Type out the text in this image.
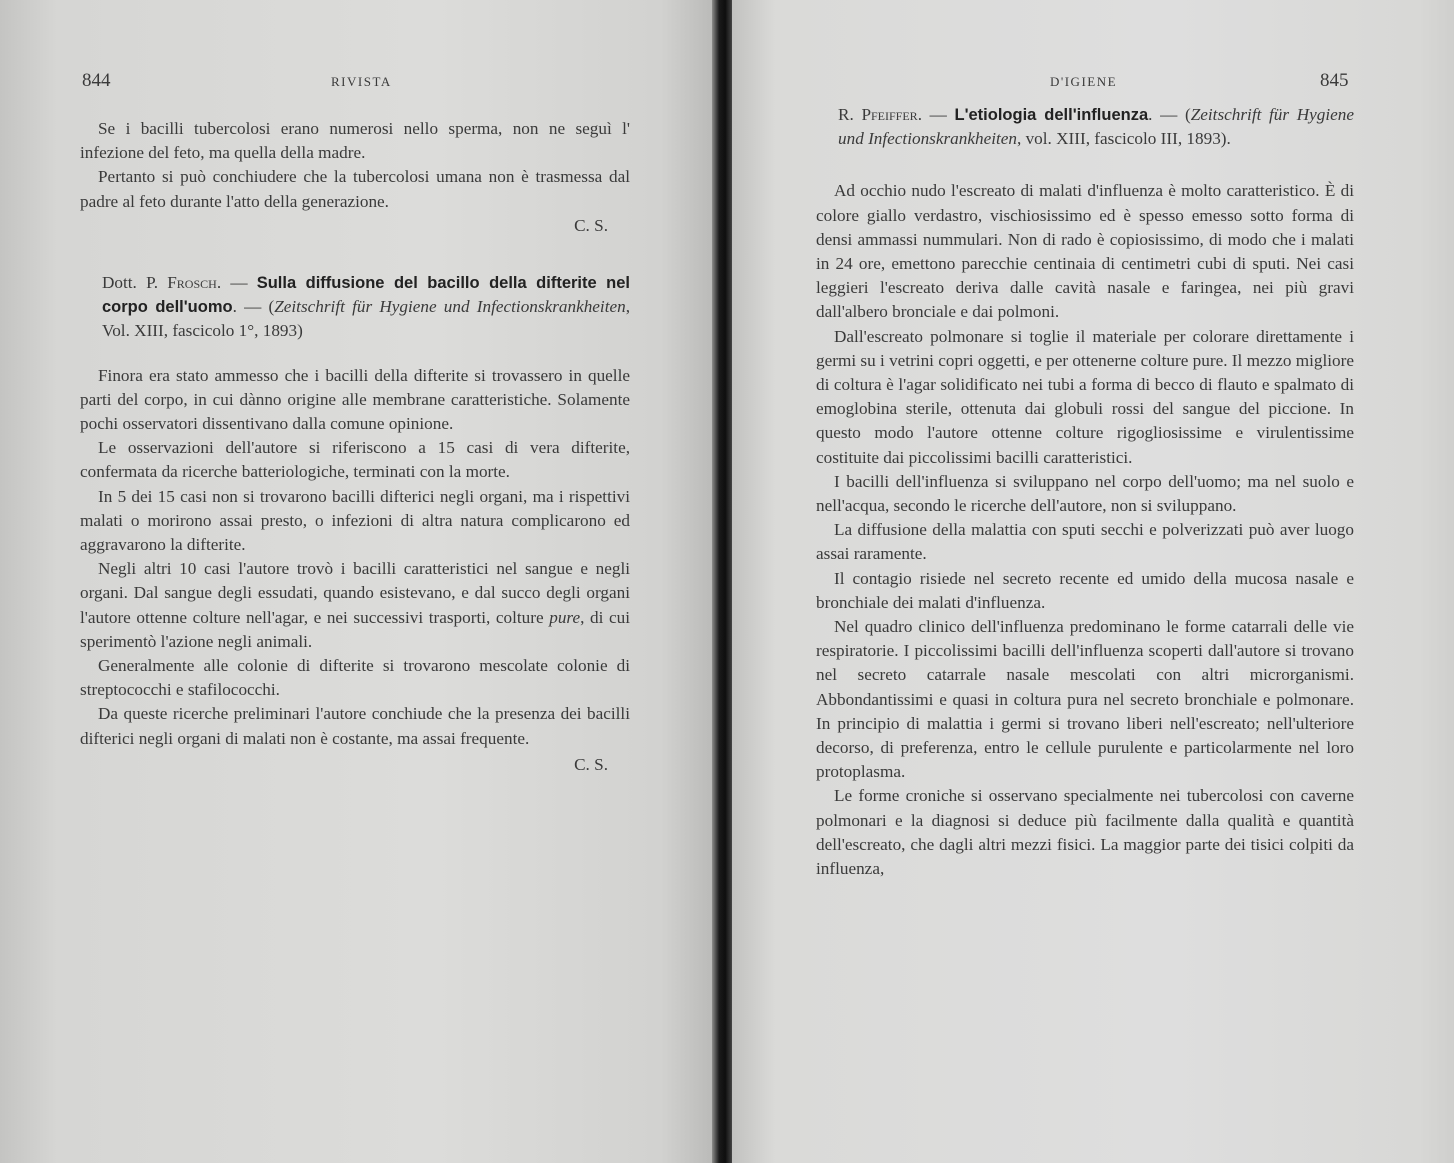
844	RIVISTA

Se i bacilli tubercolosi erano numerosi nello sperma, non ne seguì l' infezione del feto, ma quella della madre.

Pertanto si può conchiudere che la tubercolosi umana non è trasmessa dal padre al feto durante l'atto della generazione.

C. S.

Dott. P. Frosch. — Sulla diffusione del bacillo della difterite nel corpo dell'uomo. — (Zeitschrift für Hygiene und Infectionskrankheiten, Vol. XIII, fascicolo 1°, 1893)

Finora era stato ammesso che i bacilli della difterite si trovassero in quelle parti del corpo, in cui dànno origine alle membrane caratteristiche. Solamente pochi osservatori dissentivano dalla comune opinione.

Le osservazioni dell'autore si riferiscono a 15 casi di vera difterite, confermata da ricerche batteriologiche, terminati con la morte.

In 5 dei 15 casi non si trovarono bacilli difterici negli organi, ma i rispettivi malati o morirono assai presto, o infezioni di altra natura complicarono ed aggravarono la difterite.

Negli altri 10 casi l'autore trovò i bacilli caratteristici nel sangue e negli organi. Dal sangue degli essudati, quando esistevano, e dal succo degli organi l'autore ottenne colture nell'agar, e nei successivi trasporti, colture pure, di cui sperimentò l'azione negli animali.

Generalmente alle colonie di difterite si trovarono mescolate colonie di streptococchi e stafilococchi.

Da queste ricerche preliminari l'autore conchiude che la presenza dei bacilli difterici negli organi di malati non è costante, ma assai frequente.

C. S.
D'IGIENE	845

R. Pfeiffer. — L'etiologia dell'influenza. — (Zeitschrift für Hygiene und Infectionskrankheiten, vol. XIII, fascicolo III, 1893).

Ad occhio nudo l'escreato di malati d'influenza è molto caratteristico. È di colore giallo verdastro, vischiosissimo ed è spesso emesso sotto forma di densi ammassi nummulari. Non di rado è copiosissimo, di modo che i malati in 24 ore, emettono parecchie centinaia di centimetri cubi di sputi. Nei casi leggieri l'escreato deriva dalle cavità nasale e faringea, nei più gravi dall'albero bronciale e dai polmoni.

Dall'escreato polmonare si toglie il materiale per colorare direttamente i germi su i vetrini copri oggetti, e per ottenerne colture pure. Il mezzo migliore di coltura è l'agar solidificato nei tubi a forma di becco di flauto e spalmato di emoglobina sterile, ottenuta dai globuli rossi del sangue del piccione. In questo modo l'autore ottenne colture rigogliosissime e virulentissime costituite dai piccolissimi bacilli caratteristici.

I bacilli dell'influenza si sviluppano nel corpo dell'uomo; ma nel suolo e nell'acqua, secondo le ricerche dell'autore, non si sviluppano.

La diffusione della malattia con sputi secchi e polverizzati può aver luogo assai raramente.

Il contagio risiede nel secreto recente ed umido della mucosa nasale e bronchiale dei malati d'influenza.

Nel quadro clinico dell'influenza predominano le forme catarrali delle vie respiratorie. I piccolissimi bacilli dell'influenza scoperti dall'autore si trovano nel secreto catarrale nasale mescolati con altri microrganismi. Abbondantissimi e quasi in coltura pura nel secreto bronchiale e polmonare. In principio di malattia i germi si trovano liberi nell'escreato; nell'ulteriore decorso, di preferenza, entro le cellule purulente e particolarmente nel loro protoplasma.

Le forme croniche si osservano specialmente nei tubercolosi con caverne polmonari e la diagnosi si deduce più facilmente dalla qualità e quantità dell'escreato, che dagli altri mezzi fisici. La maggior parte dei tisici colpiti da influenza,
